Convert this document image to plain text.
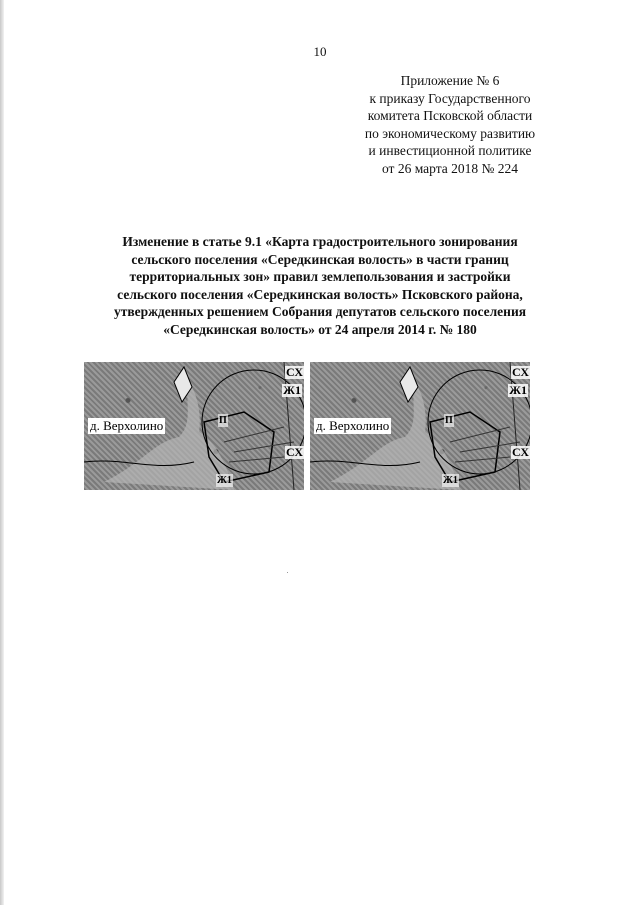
10
Приложение № 6
к приказу Государственного
комитета Псковской области
по экономическому развитию
и инвестиционной политике
от 26 марта 2018 № 224
Изменение в статье 9.1 «Карта градостроительного зонирования
сельского поселения «Середкинская волость» в части границ
территориальных зон» правил землепользования и застройки
сельского поселения «Середкинская волость» Псковского района,
утвержденных решением Собрания депутатов сельского поселения
«Середкинская волость» от 24 апреля 2014 г. № 180
д. Верхолино
СХ
Ж1
СХ
П
Ж1
д. Верхолино
СХ
Ж1
СХ
П
Ж1
